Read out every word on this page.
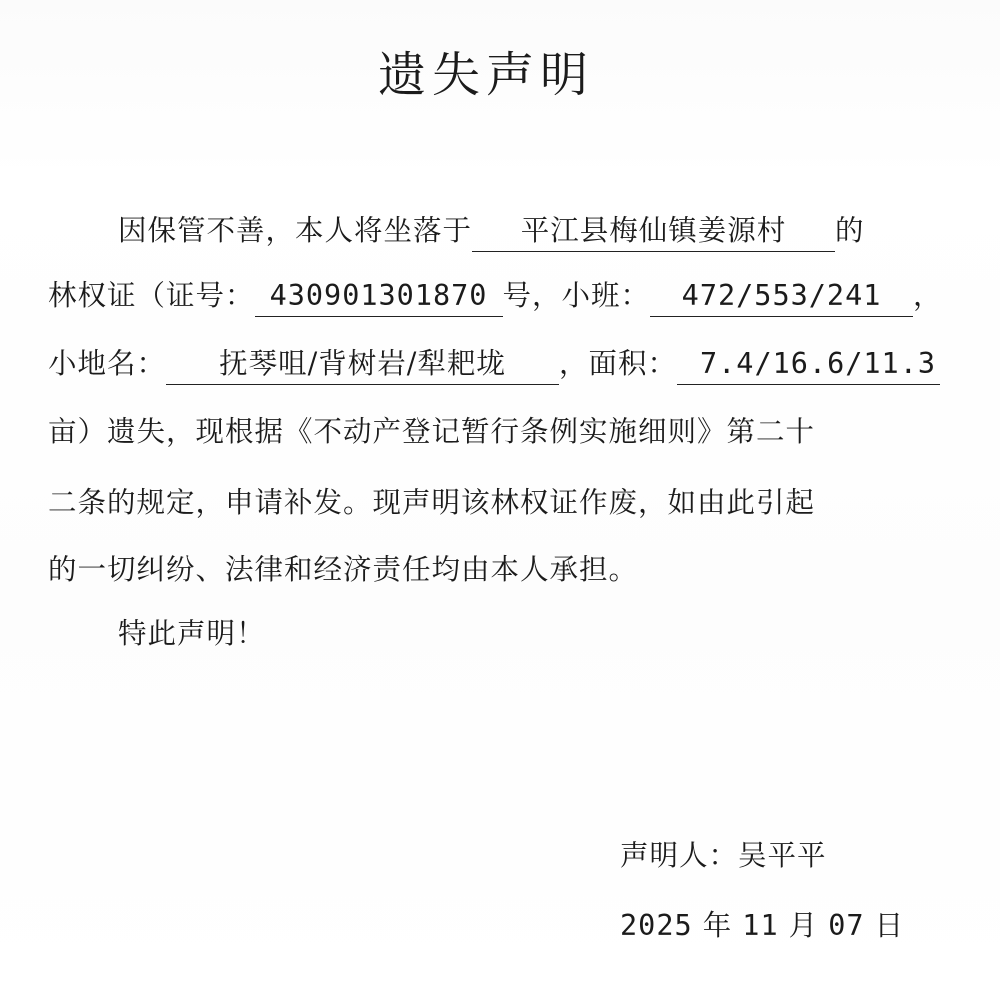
遗失声明
因保管不善，本人将坐落于 平江县梅仙镇姜源村 的
林权证（证号： 430901301870 号，小班： 472/553/241 ，
小地名： 抚琴咀/背树岩/犁耙垅 ，面积： 7.4/16.6/11.3
亩）遗失，现根据《不动产登记暂行条例实施细则》第二十
二条的规定，申请补发。现声明该林权证作废，如由此引起
的一切纠纷、法律和经济责任均由本人承担。
特此声明！
声明人：吴平平
2025 年 11 月 07 日
